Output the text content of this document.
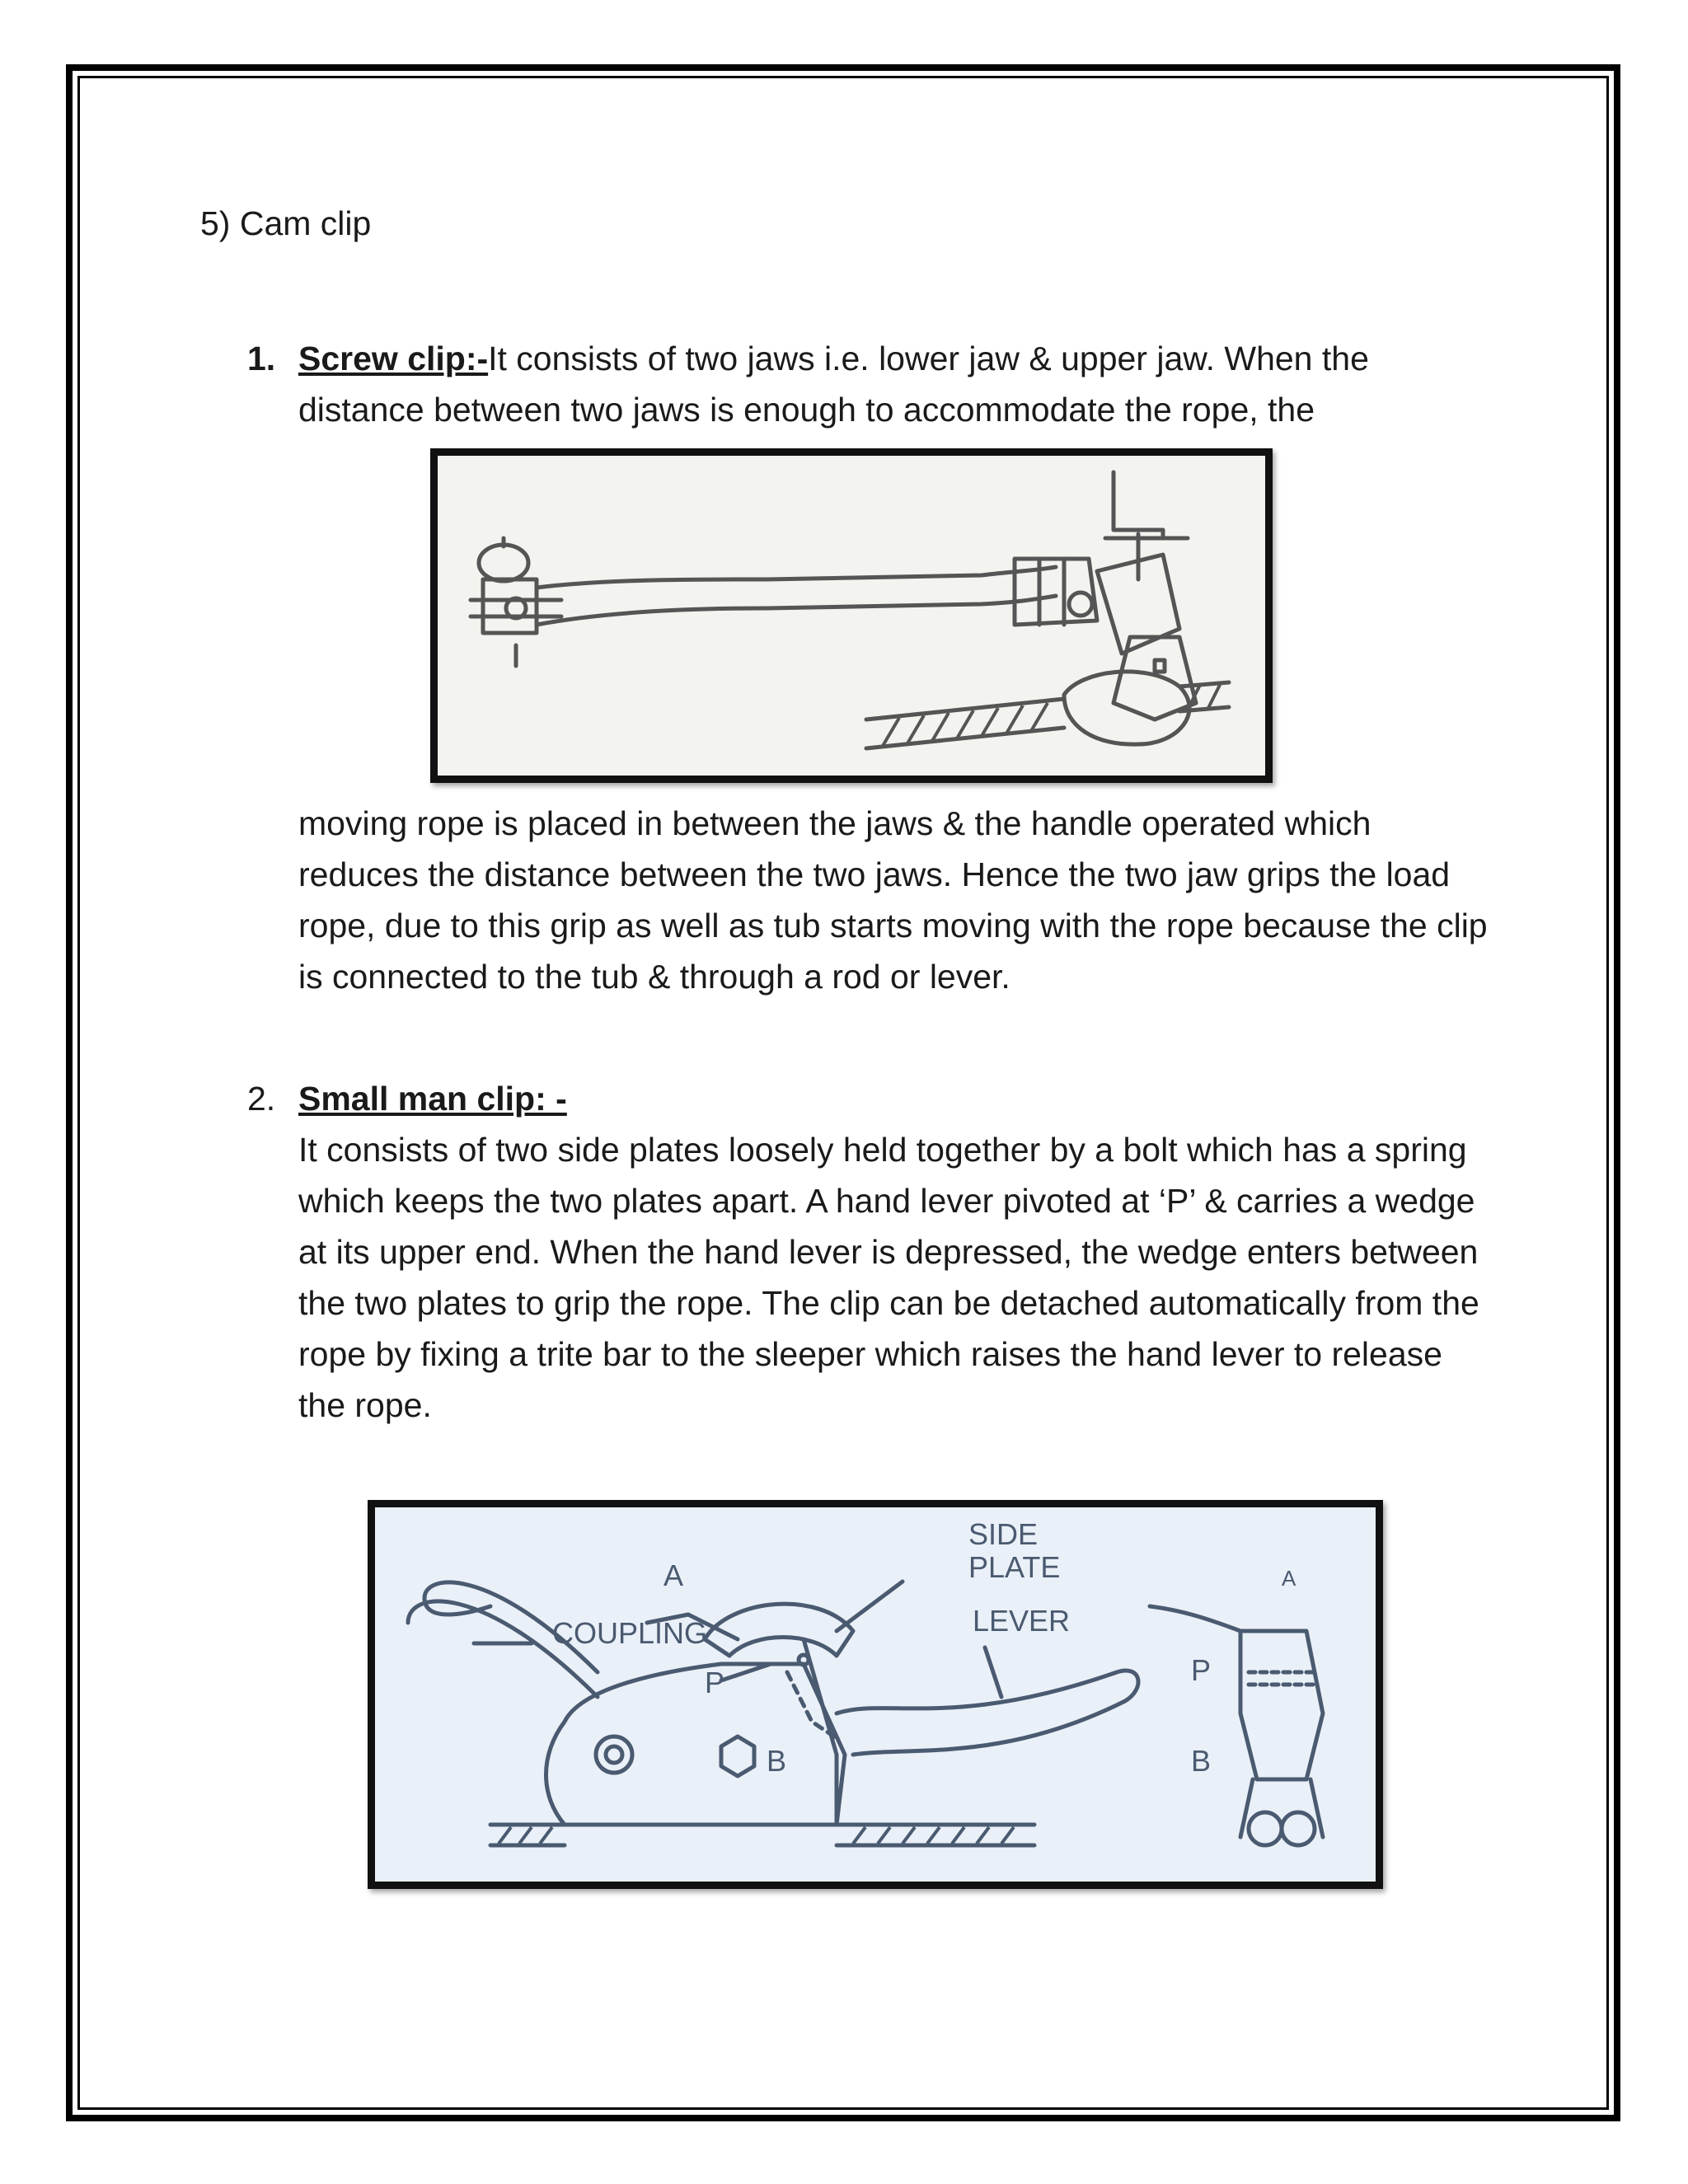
5) Cam clip
1. Screw clip:-It consists of two jaws i.e. lower jaw & upper jaw. When the distance between two jaws is enough to accommodate the rope, the

moving rope is placed in between the jaws & the handle operated which reduces the distance between the two jaws. Hence the two jaw grips the load rope, due to this grip as well as tub starts moving with the rope because the clip is connected to the tub & through a rod or lever.

2. Small man clip: -

It consists of two side plates loosely held together by a bolt which has a spring which keeps the two plates apart. A hand lever pivoted at ‘P’ & carries a wedge at its upper end. When the hand lever is depressed, the wedge enters between the two plates to grip the rope. The clip can be detached automatically from the rope by fixing a trite bar to the sleeper which raises the hand lever to release the rope.

A
SIDE
PLATE
LEVER
COUPLING
P
B
P
B
A
